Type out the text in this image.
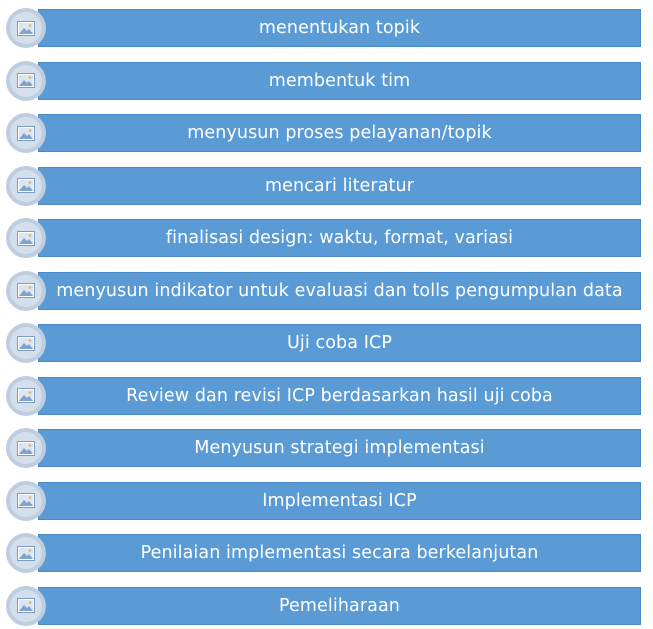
menentukan topik
membentuk tim
menyusun proses pelayanan/topik
mencari literatur
finalisasi design: waktu, format, variasi
menyusun indikator untuk evaluasi dan tolls pengumpulan data
Uji coba ICP
Review dan revisi ICP berdasarkan hasil uji coba
Menyusun strategi implementasi
Implementasi ICP
Penilaian implementasi secara berkelanjutan
Pemeliharaan
